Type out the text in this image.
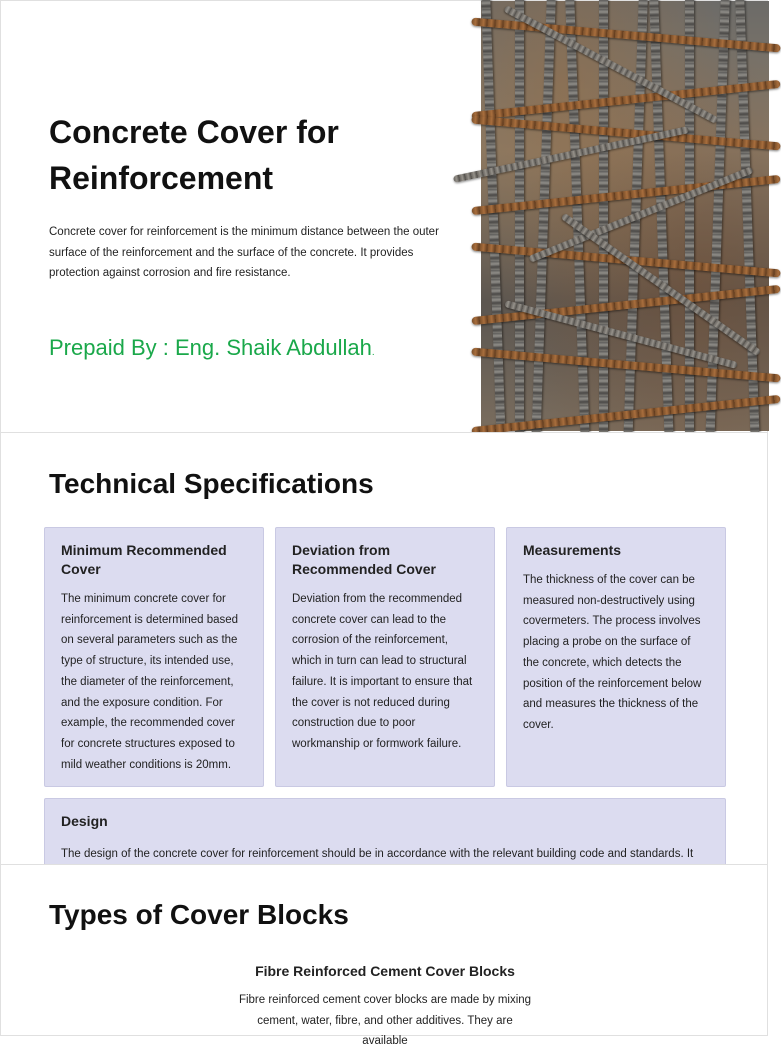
Concrete Cover for Reinforcement

Concrete cover for reinforcement is the minimum distance between the outer surface of the reinforcement and the surface of the concrete. It provides protection against corrosion and fire resistance.

Prepaid By : Eng. Shaik Abdullah.

Technical Specifications
Minimum Recommended Cover

The minimum concrete cover for reinforcement is determined based on several parameters such as the type of structure, its intended use, the diameter of the reinforcement, and the exposure condition. For example, the recommended cover for concrete structures exposed to mild weather conditions is 20mm.

Deviation from Recommended Cover

Deviation from the recommended concrete cover can lead to the corrosion of the reinforcement, which in turn can lead to structural failure. It is important to ensure that the cover is not reduced during construction due to poor workmanship or formwork failure.

Measurements

The thickness of the cover can be measured non-destructively using covermeters. The process involves placing a probe on the surface of the concrete, which detects the position of the reinforcement below and measures the thickness of the cover.

Design

The design of the concrete cover for reinforcement should be in accordance with the relevant building code and standards. It

Types of Cover Blocks
Fibre Reinforced Cement Cover Blocks

Fibre reinforced cement cover blocks are made by mixing cement, water, fibre, and other additives. They are available
